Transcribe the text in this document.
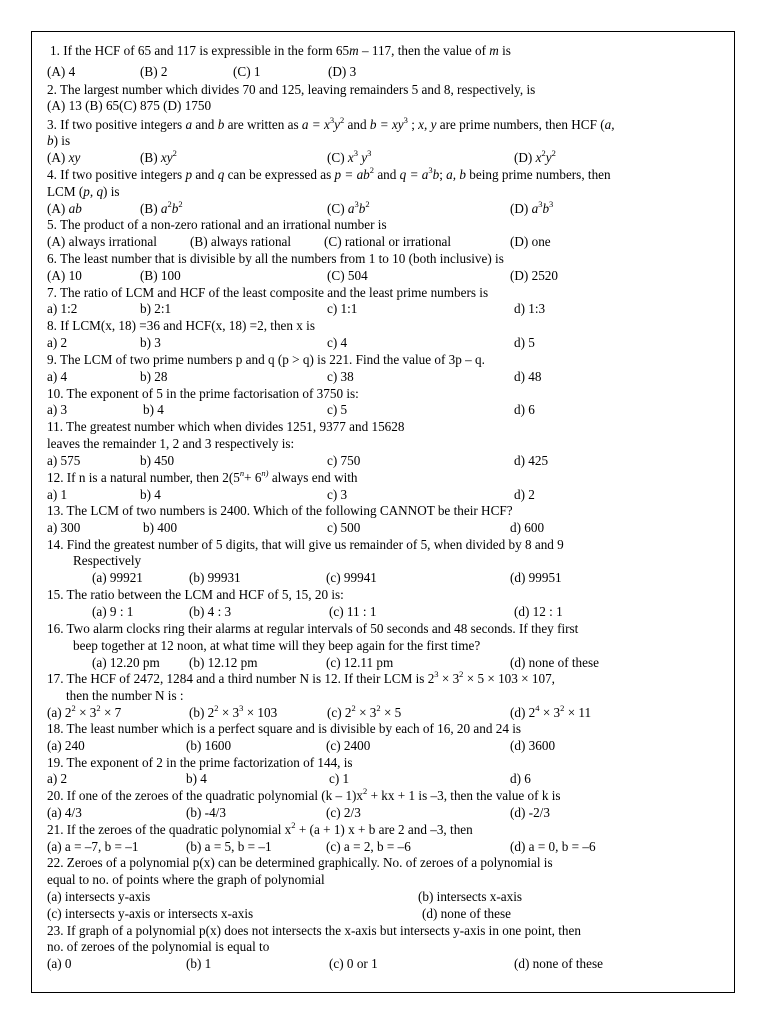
1. If the HCF of 65 and 117 is expressible in the form 65m – 117, then the value of m is
(A) 4	(B) 2	(C) 1	(D) 3
2. The largest number which divides 70 and 125, leaving remainders 5 and 8, respectively, is
(A) 13 (B) 65(C) 875 (D) 1750
3. If two positive integers a and b are written as $a = x^3y^2$ and $b = xy^3$ ; x, y are prime numbers, then HCF (a,
b) is
(A) xy	(B) $xy^2$	(C) $x^3$ $y^3$	(D) $x^2y^2$
4. If two positive integers p and q can be expressed as $p = ab^2$ and $q = a^3b$; a, b being prime numbers, then
LCM (p, q) is
(A) ab	(B) $a^2b^2$	(C) $a^3b^2$	(D) $a^3b^3$
5. The product of a non-zero rational and an irrational number is
(A) always irrational	(B) always rational (C) rational or irrational	(D) one
6. The least number that is divisible by all the numbers from 1 to 10 (both inclusive) is
(A) 10	(B) 100	(C) 504	(D) 2520
7. The ratio of LCM and HCF of the least composite and the least prime numbers is
a) 1:2	b) 2:1	c) 1:1	d) 1:3
8. If LCM(x, 18) =36 and HCF(x, 18) =2, then x is
a) 2	b) 3	c) 4	d) 5
9. The LCM of two prime numbers p and q (p > q) is 221. Find the value of 3p – q.
a) 4	b) 28	c) 38	d) 48
10. The exponent of 5 in the prime factorisation of 3750 is:
a) 3	b) 4	c) 5	d) 6
11. The greatest number which when divides 1251, 9377 and 15628
leaves the remainder 1, 2 and 3 respectively is:
a) 575	b) 450	c) 750	d) 425
12. If n is a natural number, then $2(5^n+ 6^{n)}$ always end with
a) 1	b) 4	c) 3	d) 2
13. The LCM of two numbers is 2400. Which of the following CANNOT be their HCF?
a) 300	b) 400	c) 500	d) 600
14. Find the greatest number of 5 digits, that will give us remainder of 5, when divided by 8 and 9
Respectively
(a) 99921	(b) 99931	(c) 99941	(d) 99951
15. The ratio between the LCM and HCF of 5, 15, 20 is:
(a) 9 : 1	(b) 4 : 3	(c) 11 : 1	(d) 12 : 1
16. Two alarm clocks ring their alarms at regular intervals of 50 seconds and 48 seconds. If they first
beep together at 12 noon, at what time will they beep again for the first time?
(a) 12.20 pm (b) 12.12 pm	(c) 12.11 pm	(d) none of these
17. The HCF of 2472, 1284 and a third number N is 12. If their LCM is $2^3 \times 3^2 \times 5 \times 103 \times 107$,
then the number N is :
(a) $2^2 \times 3^2 \times 7$	(b) $2^2 \times 3^3 \times 103$	(c) $2^2 \times 3^2 \times 5$	(d) $2^4 \times 3^2 \times 11$
18. The least number which is a perfect square and is divisible by each of 16, 20 and 24 is
(a) 240	(b) 1600	(c) 2400	(d) 3600
19. The exponent of 2 in the prime factorization of 144, is
a) 2	b) 4	c) 1	d) 6
20. If one of the zeroes of the quadratic polynomial $(k - 1)x^2$ + kx + 1 is –3, then the value of k is
(a) 4/3	(b) -4/3	(c) 2/3	(d) -2/3
21. If the zeroes of the quadratic polynomial $x^2 + (a + 1) x + b$ are 2 and –3, then
(a) a = –7, b = –1	(b) a = 5, b = –1	(c) a = 2, b = –6	(d) a = 0, b = –6
22. Zeroes of a polynomial p(x) can be determined graphically. No. of zeroes of a polynomial is
equal to no. of points where the graph of polynomial
(a) intersects y-axis	(b) intersects x-axis
(c) intersects y-axis or intersects x-axis	(d) none of these
23. If graph of a polynomial p(x) does not intersects the x-axis but intersects y-axis in one point, then
no. of zeroes of the polynomial is equal to
(a) 0	(b) 1	(c) 0 or 1	(d) none of these
